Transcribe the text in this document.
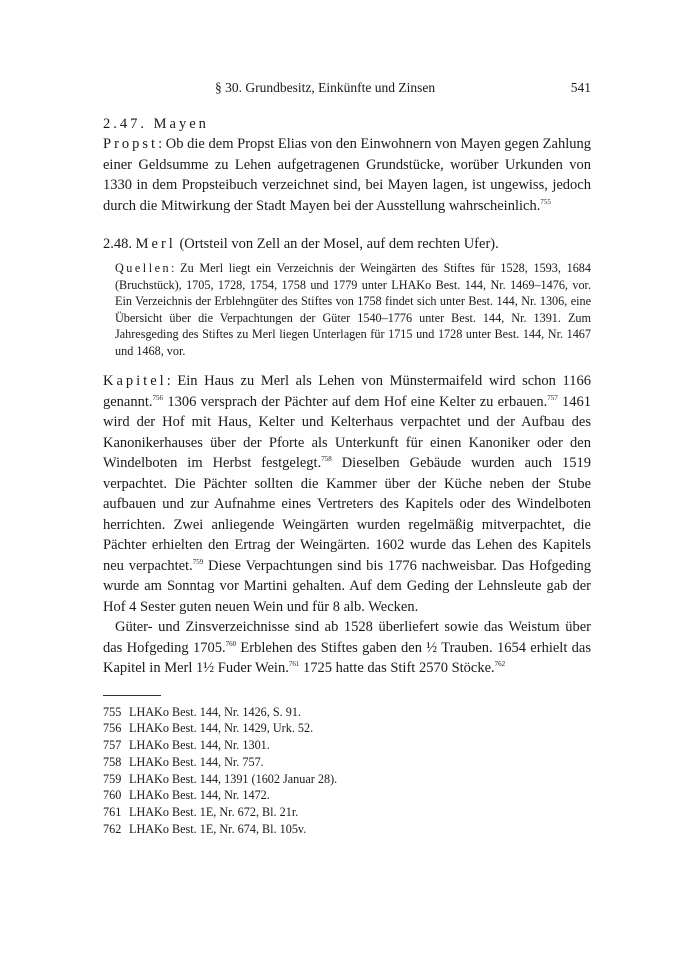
§ 30. Grundbesitz, Einkünfte und Zinsen	541
2.47. Mayen

Propst: Ob die dem Propst Elias von den Einwohnern von Mayen gegen Zahlung einer Geldsumme zu Lehen aufgetragenen Grundstücke, worüber Urkunden von 1330 in dem Propsteibuch verzeichnet sind, bei Mayen lagen, ist ungewiss, jedoch durch die Mitwirkung der Stadt Mayen bei der Ausstellung wahrscheinlich.$^{755}$

2.48. Merl (Ortsteil von Zell an der Mosel, auf dem rechten Ufer).
Quellen: Zu Merl liegt ein Verzeichnis der Weingärten des Stiftes für 1528, 1593, 1684 (Bruchstück), 1705, 1728, 1754, 1758 und 1779 unter LHAKo Best. 144, Nr. 1469–1476, vor. Ein Verzeichnis der Erblehngüter des Stiftes von 1758 findet sich unter Best. 144, Nr. 1306, eine Übersicht über die Verpachtungen der Güter 1540–1776 unter Best. 144, Nr. 1391. Zum Jahresgeding des Stiftes zu Merl liegen Unterlagen für 1715 und 1728 unter Best. 144, Nr. 1467 und 1468, vor.

Kapitel: Ein Haus zu Merl als Lehen von Münstermaifeld wird schon 1166 genannt.$^{756}$ 1306 versprach der Pächter auf dem Hof eine Kelter zu erbauen.$^{757}$ 1461 wird der Hof mit Haus, Kelter und Kelterhaus verpachtet und der Aufbau des Kanonikerhauses über der Pforte als Unterkunft für einen Kanoniker oder den Windelboten im Herbst festgelegt.$^{758}$ Dieselben Gebäude wurden auch 1519 verpachtet. Die Pächter sollten die Kammer über der Küche neben der Stube aufbauen und zur Aufnahme eines Vertreters des Kapitels oder des Windelboten herrichten. Zwei anliegende Weingärten wurden regelmäßig mitverpachtet, die Pächter erhielten den Ertrag der Weingärten. 1602 wurde das Lehen des Kapitels neu verpachtet.$^{759}$ Diese Verpachtungen sind bis 1776 nachweisbar. Das Hofgeding wurde am Sonntag vor Martini gehalten. Auf dem Geding der Lehnsleute gab der Hof 4 Sester guten neuen Wein und für 8 alb. Wecken.

Güter- und Zinsverzeichnisse sind ab 1528 überliefert sowie das Weistum über das Hofgeding 1705.$^{760}$ Erblehen des Stiftes gaben den ½ Trauben. 1654 erhielt das Kapitel in Merl 1½ Fuder Wein.$^{761}$ 1725 hatte das Stift 2570 Stöcke.$^{762}$

755 LHAKo Best. 144, Nr. 1426, S. 91.
756 LHAKo Best. 144, Nr. 1429, Urk. 52.
757 LHAKo Best. 144, Nr. 1301.
758 LHAKo Best. 144, Nr. 757.
759 LHAKo Best. 144, 1391 (1602 Januar 28).
760 LHAKo Best. 144, Nr. 1472.
761 LHAKo Best. 1E, Nr. 672, Bl. 21r.
762 LHAKo Best. 1E, Nr. 674, Bl. 105v.
